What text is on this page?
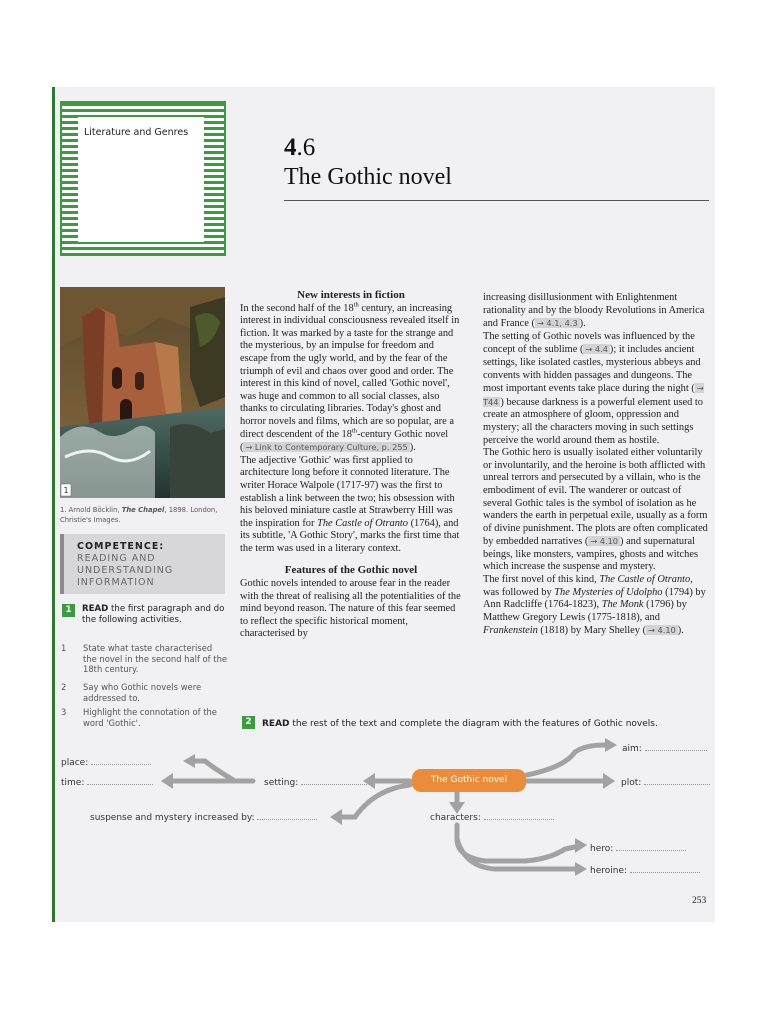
Literature and Genres
4.6
The Gothic novel
1
1. Arnold Böcklin, The Chapel, 1898. London, Christie's Images.
COMPETENCE:
READING AND UNDERSTANDING INFORMATION
1	READ the first paragraph and do the following activities.
1	State what taste characterised the novel in the second half of the 18th century.
2	Say who Gothic novels were addressed to.
3	Highlight the connotation of the word 'Gothic'.
New interests in fiction

In the second half of the 18th century, an increasing interest in individual consciousness revealed itself in fiction. It was marked by a taste for the strange and the mysterious, by an impulse for freedom and escape from the ugly world, and by the fear of the triumph of evil and chaos over good and order. The interest in this kind of novel, called 'Gothic novel', was huge and common to all social classes, also thanks to circulating libraries. Today's ghost and horror novels and films, which are so popular, are a direct descendent of the 18th-century Gothic novel ( → Link to Contemporary Culture, p. 255 ).

The adjective 'Gothic' was first applied to architecture long before it connoted literature. The writer Horace Walpole (1717-97) was the first to establish a link between the two; his obsession with his beloved miniature castle at Strawberry Hill was the inspiration for The Castle of Otranto (1764), and its subtitle, 'A Gothic Story', marks the first time that the term was used in a literary context.

Features of the Gothic novel

Gothic novels intended to arouse fear in the reader with the threat of realising all the potentialities of the mind beyond reason. The nature of this fear seemed to reflect the specific historical moment, characterised by

increasing disillusionment with Enlightenment rationality and by the bloody Revolutions in America and France ( → 4.1, 4.3 ).

The setting of Gothic novels was influenced by the concept of the sublime ( → 4.4 ); it includes ancient settings, like isolated castles, mysterious abbeys and convents with hidden passages and dungeons. The most important events take place during the night ( → T44 ) because darkness is a powerful element used to create an atmosphere of gloom, oppression and mystery; all the characters moving in such settings perceive the world around them as hostile.

The Gothic hero is usually isolated either voluntarily or involuntarily, and the heroine is both afflicted with unreal terrors and persecuted by a villain, who is the embodiment of evil. The wanderer or outcast of several Gothic tales is the symbol of isolation as he wanders the earth in perpetual exile, usually as a form of divine punishment. The plots are often complicated by embedded narratives ( → 4.10 ) and supernatural beings, like monsters, vampires, ghosts and witches which increase the suspense and mystery.

The first novel of this kind, The Castle of Otranto, was followed by The Mysteries of Udolpho (1794) by Ann Radcliffe (1764-1823), The Monk (1796) by Matthew Gregory Lewis (1775-1818), and Frankenstein (1818) by Mary Shelley ( → 4.10 ).

2	READ the rest of the text and complete the diagram with the features of Gothic novels.
The Gothic novel
aim:
plot:
setting:
place:
time:
suspense and mystery increased by:	characters:
hero:
heroine:
253
